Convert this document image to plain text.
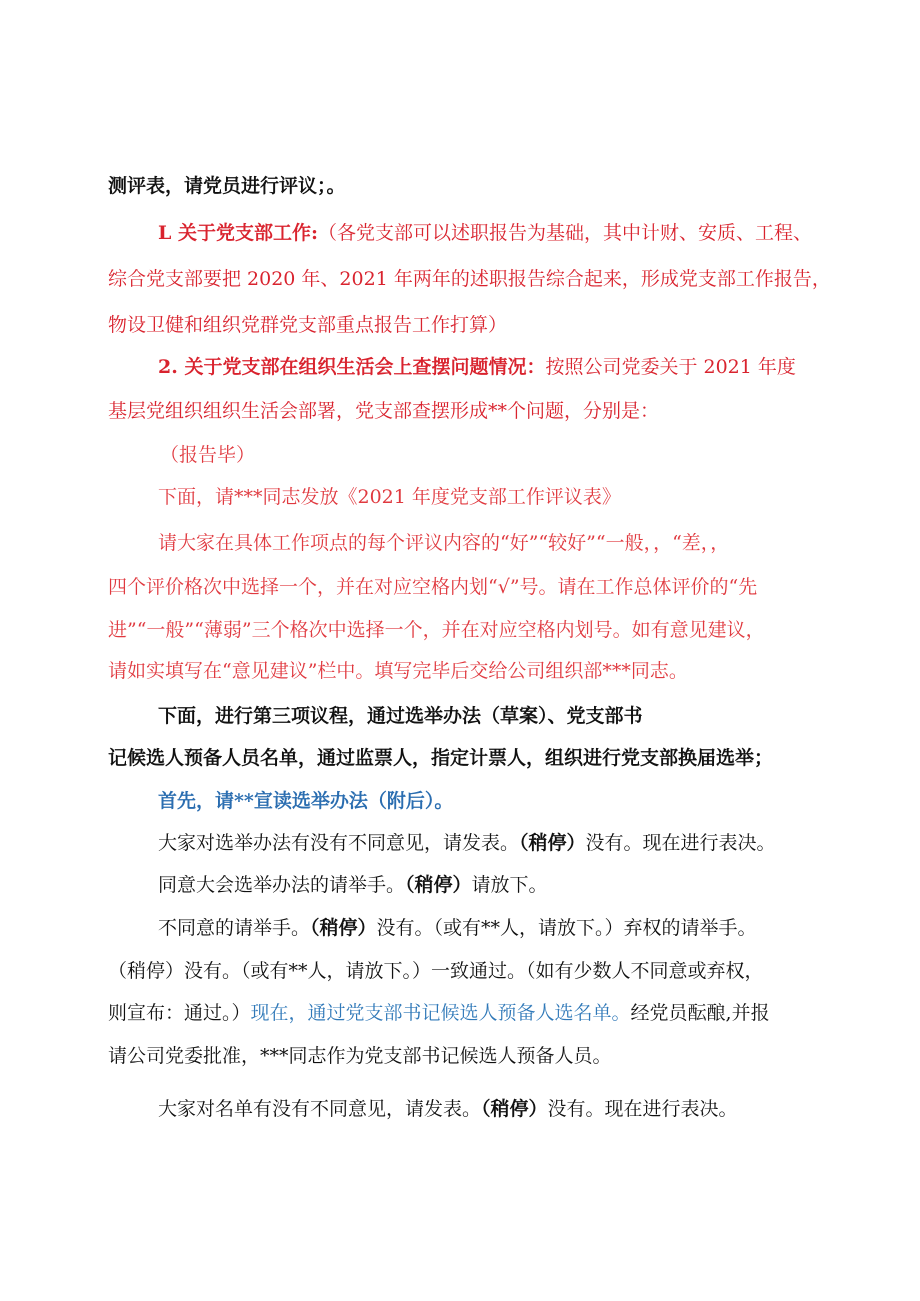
测评表，请党员进行评议；。
L 关于党支部工作:（各党支部可以述职报告为基础，其中计财、安质、工程、
综合党支部要把 2020 年、2021 年两年的述职报告综合起来，形成党支部工作报告，
物设卫健和组织党群党支部重点报告工作打算）
2. 关于党支部在组织生活会上查摆问题情况：按照公司党委关于 2021 年度
基层党组织组织生活会部署，党支部查摆形成**个问题，分别是：
（报告毕）
下面，请***同志发放《2021 年度党支部工作评议表》
请大家在具体工作项点的每个评议内容的“好”“较好”“一般，，“差，，
四个评价格次中选择一个，并在对应空格内划“√”号。请在工作总体评价的“先
进”“一般”“薄弱”三个格次中选择一个，并在对应空格内划号。如有意见建议，
请如实填写在“意见建议”栏中。填写完毕后交给公司组织部***同志。
下面，进行第三项议程，通过选举办法（草案）、党支部书
记候选人预备人员名单，通过监票人，指定计票人，组织进行党支部换届选举；
首先，请**宣读选举办法（附后）。
大家对选举办法有没有不同意见，请发表。（稍停）没有。现在进行表决。
同意大会选举办法的请举手。（稍停）请放下。
不同意的请举手。（稍停）没有。（或有**人，请放下。）弃权的请举手。
（稍停）没有。（或有**人，请放下。）一致通过。（如有少数人不同意或弃权，
则宣布：通过。）现在，通过党支部书记候选人预备人选名单。经党员酝酿,并报
请公司党委批准，***同志作为党支部书记候选人预备人员。
大家对名单有没有不同意见，请发表。（稍停）没有。现在进行表决。
